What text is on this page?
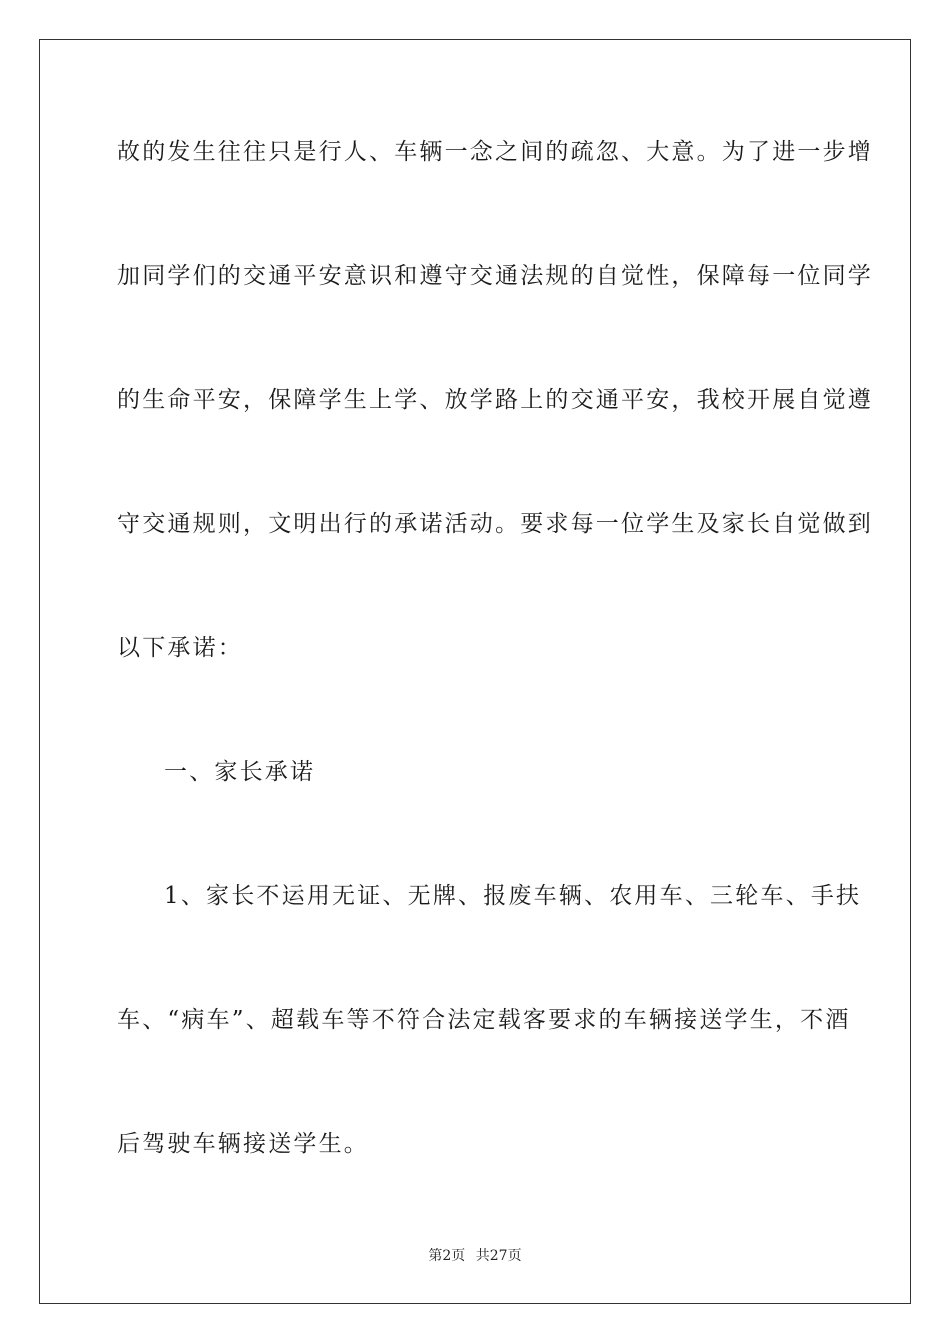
故的发生往往只是行人、车辆一念之间的疏忽、大意。为了进一步增
加同学们的交通平安意识和遵守交通法规的自觉性，保障每一位同学
的生命平安，保障学生上学、放学路上的交通平安，我校开展自觉遵
守交通规则，文明出行的承诺活动。要求每一位学生及家长自觉做到
以下承诺：
一、家长承诺
1、家长不运用无证、无牌、报废车辆、农用车、三轮车、手扶
车、“病车”、超载车等不符合法定载客要求的车辆接送学生，不酒
后驾驶车辆接送学生。
第2页 共27页
